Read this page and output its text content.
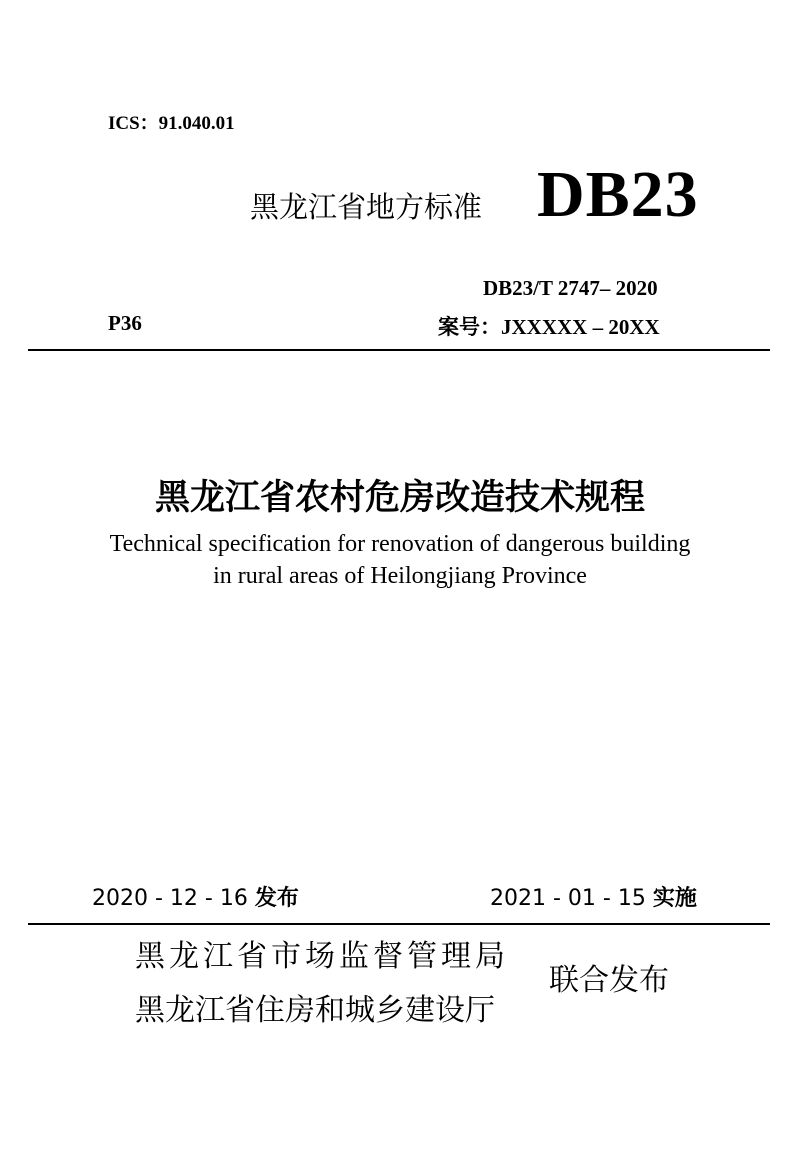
ICS：91.040.01
黑龙江省地方标准 DB23
DB23/T 2747– 2020
P36	案号：JXXXXX – 20XX
黑龙江省农村危房改造技术规程
Technical specification for renovation of dangerous building
in rural areas of Heilongjiang Province
2020 - 12 - 16 发布	2021 - 01 - 15 实施
黑龙江省市场监督管理局
黑龙江省住房和城乡建设厅
联合发布
